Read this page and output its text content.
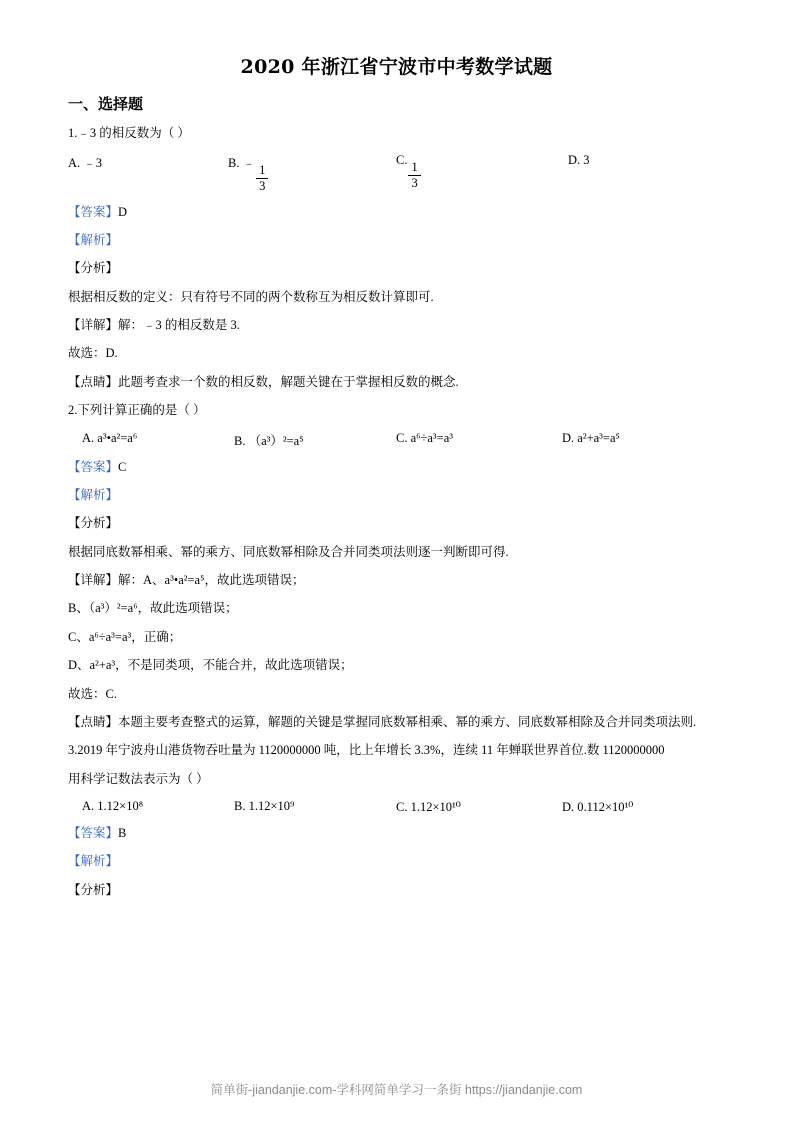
2020 年浙江省宁波市中考数学试题
一、选择题
1.﹣3 的相反数为（ ）
A. ﹣3	B. ﹣
$\frac{1}{3}$
C.
$\frac{1}{3}$
D. 3
【答案】D
【解析】
【分析】
根据相反数的定义：只有符号不同的两个数称互为相反数计算即可.
【详解】解：﹣3 的相反数是 3.
故选：D.
【点睛】此题考查求一个数的相反数，解题关键在于掌握相反数的概念.
2.下列计算正确的是（ ）
A. a³•a²=a⁶	B. （a³）²=a⁵	C. a⁶÷a³=a³	D. a²+a³=a⁵
【答案】C
【解析】
【分析】
根据同底数幂相乘、幂的乘方、同底数幂相除及合并同类项法则逐一判断即可得.
【详解】解：A、a³•a²=a⁵，故此选项错误；
B、（a³）²=a⁶，故此选项错误；
C、a⁶÷a³=a³，正确；
D、a²+a³，不是同类项，不能合并，故此选项错误；
故选：C.
【点睛】本题主要考查整式的运算，解题的关键是掌握同底数幂相乘、幂的乘方、同底数幂相除及合并同类项法则.
3.2019 年宁波舟山港货物吞吐量为 1120000000 吨，比上年增长 3.3%，连续 11 年蝉联世界首位.数 1120000000
用科学记数法表示为（ ）
A. 1.12×10⁸	B. 1.12×10⁹	C. 1.12×10¹⁰	D. 0.112×10¹⁰
【答案】B
【解析】
【分析】
简单街-jiandanjie.com-学科网简单学习一条街 https://jiandanjie.com
